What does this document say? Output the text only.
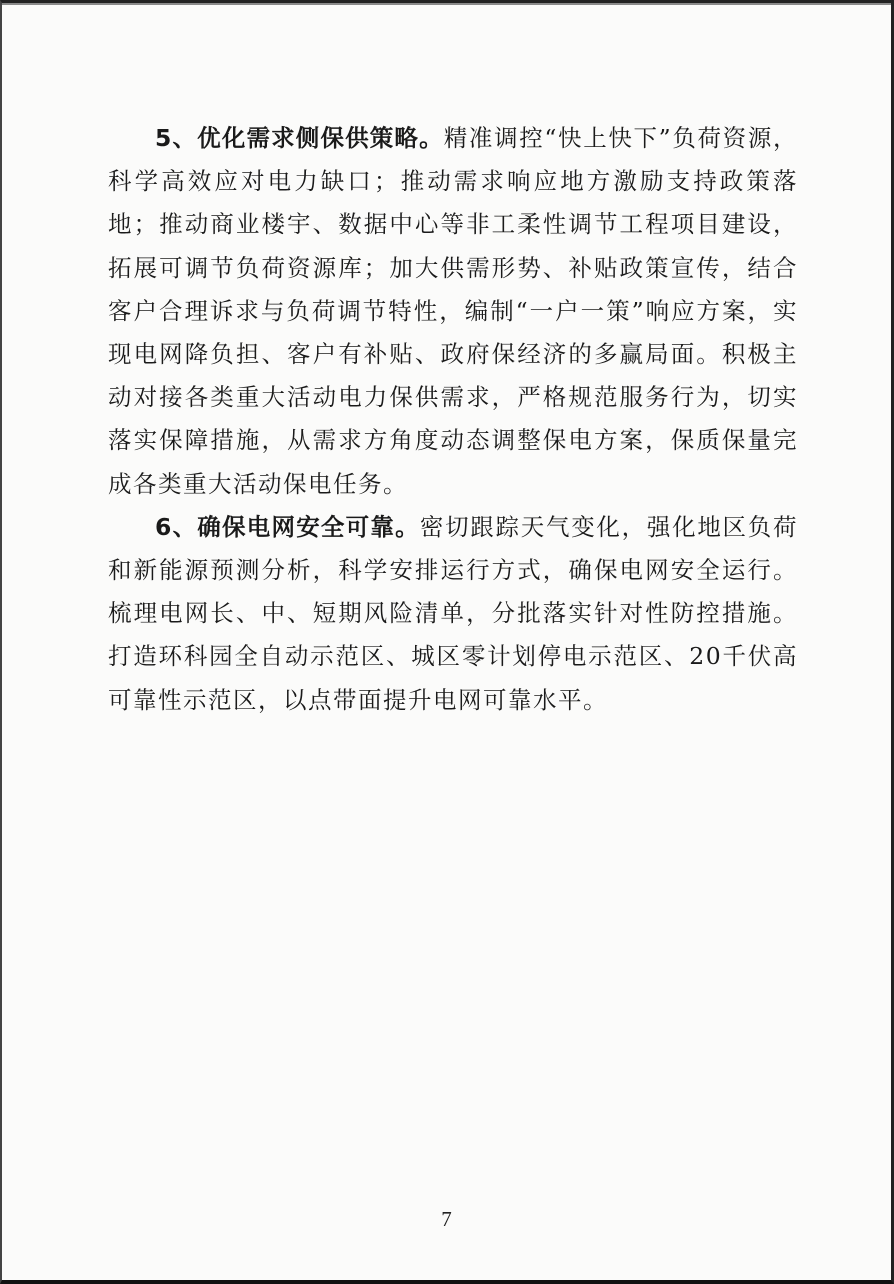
5、优化需求侧保供策略。精准调控“快上快下”负荷资源，科学高效应对电力缺口；推动需求响应地方激励支持政策落地；推动商业楼宇、数据中心等非工柔性调节工程项目建设，拓展可调节负荷资源库；加大供需形势、补贴政策宣传，结合客户合理诉求与负荷调节特性，编制“一户一策”响应方案，实现电网降负担、客户有补贴、政府保经济的多赢局面。积极主动对接各类重大活动电力保供需求，严格规范服务行为，切实落实保障措施，从需求方角度动态调整保电方案，保质保量完成各类重大活动保电任务。

6、确保电网安全可靠。密切跟踪天气变化，强化地区负荷和新能源预测分析，科学安排运行方式，确保电网安全运行。梳理电网长、中、短期风险清单，分批落实针对性防控措施。打造环科园全自动示范区、城区零计划停电示范区、20千伏高可靠性示范区，以点带面提升电网可靠水平。

7
